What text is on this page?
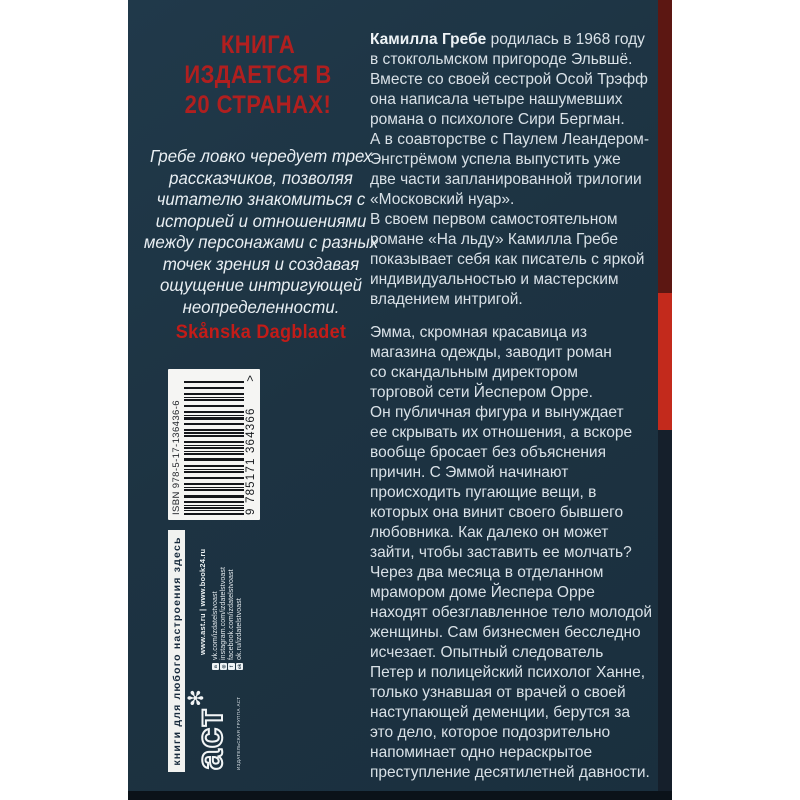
КНИГА
ИЗДАЕТСЯ В
20 СТРАНАХ!
Гребе ловко чередует трех
рассказчиков, позволяя
читателю знакомиться с
историей и отношениями
между персонажами с разных
точек зрения и создавая
ощущение интригующей
неопределенности.
Skånska Dagbladet
ISBN 978-5-17-136436-6	9 785171 364366
>
книги для любого настроения здесь www.ast.ru | www.book24.ru
в
vk.com/izdatelstvoast
◎
instagram.com/izdatelstvoast
f
facebook.com/izdatelstvoast
ok
ok.ru/izdatelstvoast
аст
✻	ИЗДАТЕЛЬСКАЯ ГРУППА АСТ
Камилла Гребе родилась в 1968 году
в стокгольмском пригороде Эльвшё.
Вместе со своей сестрой Осой Трэфф
она написала четыре нашумевших
романа о психологе Сири Бергман.
А в соавторстве с Паулем Леандером-
Энгстрёмом успела выпустить уже
две части запланированной трилогии
«Московский нуар».
В своем первом самостоятельном
романе «На льду» Камилла Гребе
показывает себя как писатель с яркой
индивидуальностью и мастерским
владением интригой.
Эмма, скромная красавица из
магазина одежды, заводит роман
со скандальным директором
торговой сети Йеспером Орре.
Он публичная фигура и вынуждает
ее скрывать их отношения, а вскоре
вообще бросает без объяснения
причин. С Эммой начинают
происходить пугающие вещи, в
которых она винит своего бывшего
любовника. Как далеко он может
зайти, чтобы заставить ее молчать?
Через два месяца в отделанном
мрамором доме Йеспера Орре
находят обезглавленное тело молодой
женщины. Сам бизнесмен бесследно
исчезает. Опытный следователь
Петер и полицейский психолог Ханне,
только узнавшая от врачей о своей
наступающей деменции, берутся за
это дело, которое подозрительно
напоминает одно нераскрытое
преступление десятилетней давности.
